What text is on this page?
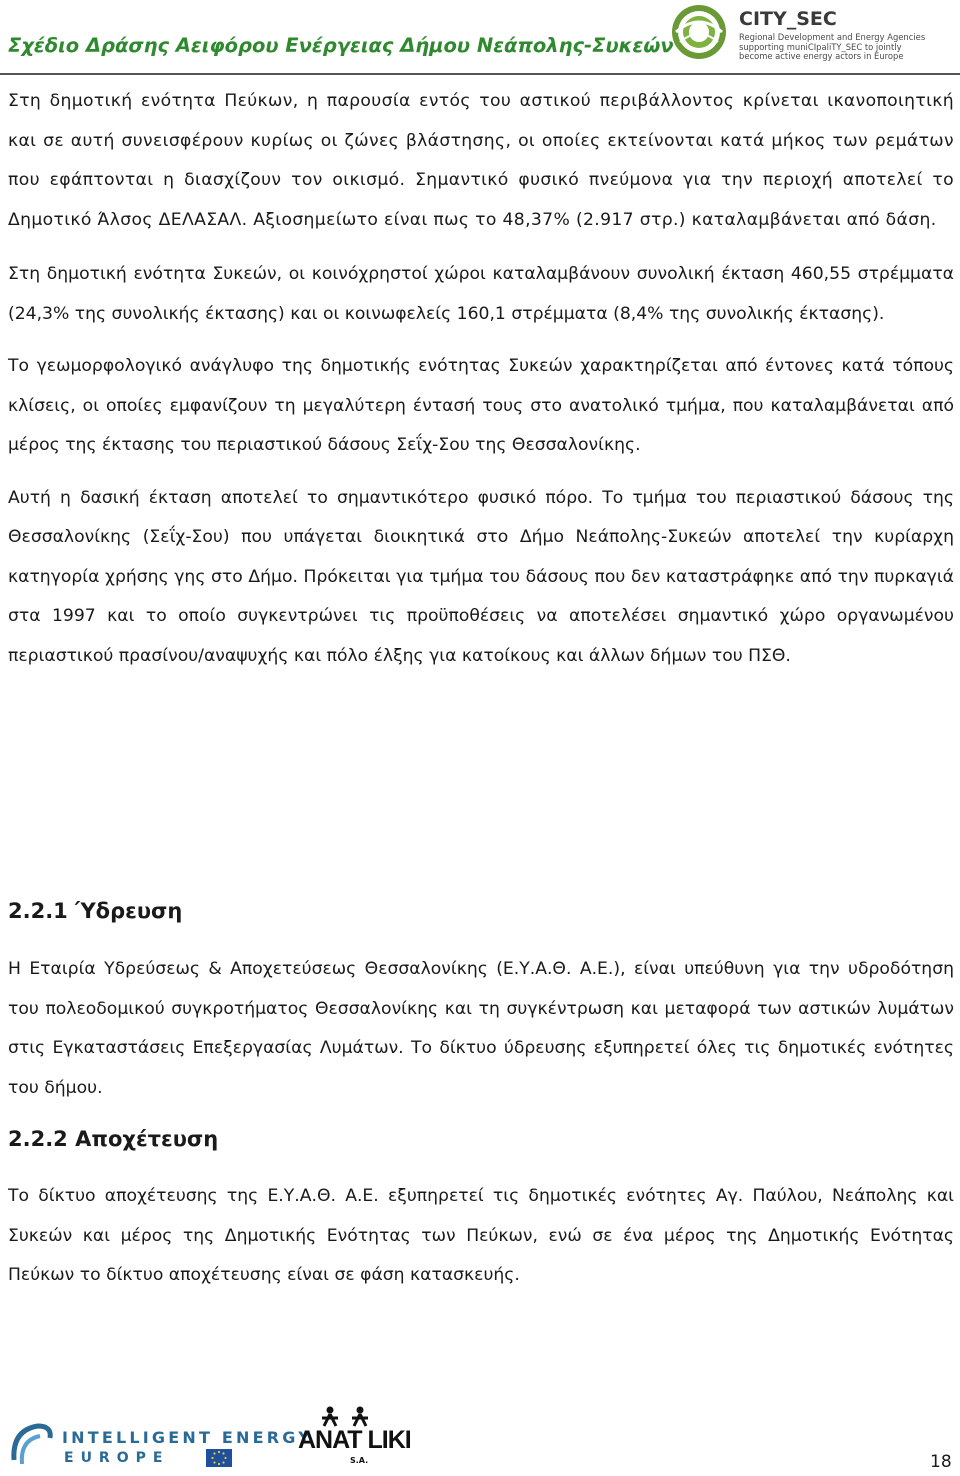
Σχέδιο Δράσης Αειφόρου Ενέργειας Δήμου Νεάπολης-Συκεών
CITY_SEC
Regional Development and Energy Agencies
supporting muniCIpaliTY_SEC to jointly
become active energy actors in Europe

Στη δημοτική ενότητα Πεύκων, η παρουσία εντός του αστικού περιβάλλοντος κρίνεται ικανοποιητική και σε αυτή συνεισφέρουν κυρίως οι ζώνες βλάστησης, οι οποίες εκτείνονται κατά μήκος των ρεμάτων που εφάπτονται η διασχίζουν τον οικισμό. Σημαντικό φυσικό πνεύμονα για την περιοχή αποτελεί το Δημοτικό Άλσος ΔΕΛΑΣΑΛ. Αξιοσημείωτο είναι πως το 48,37% (2.917 στρ.) καταλαμβάνεται από δάση.

Στη δημοτική ενότητα Συκεών, οι κοινόχρηστοί χώροι καταλαμβάνουν συνολική έκταση 460,55 στρέμματα (24,3% της συνολικής έκτασης) και οι κοινωφελείς 160,1 στρέμματα (8,4% της συνολικής έκτασης).

Το γεωμορφολογικό ανάγλυφο της δημοτικής ενότητας Συκεών χαρακτηρίζεται από έντονες κατά τόπους κλίσεις, οι οποίες εμφανίζουν τη μεγαλύτερη έντασή τους στο ανατολικό τμήμα, που καταλαμβάνεται από μέρος της έκτασης του περιαστικού δάσους Σεΐχ-Σου της Θεσσαλονίκης.

Αυτή η δασική έκταση αποτελεί το σημαντικότερο φυσικό πόρο. Το τμήμα του περιαστικού δάσους της Θεσσαλονίκης (Σεΐχ-Σου) που υπάγεται διοικητικά στο Δήμο Νεάπολης-Συκεών αποτελεί την κυρίαρχη κατηγορία χρήσης γης στο Δήμο. Πρόκειται για τμήμα του δάσους που δεν καταστράφηκε από την πυρκαγιά στα 1997 και το οποίο συγκεντρώνει τις προϋποθέσεις να αποτελέσει σημαντικό χώρο οργανωμένου περιαστικού πρασίνου/αναψυχής και πόλο έλξης για κατοίκους και άλλων δήμων του ΠΣΘ.

2.2.1 Ύδρευση

Η Εταιρία Υδρεύσεως & Αποχετεύσεως Θεσσαλονίκης (Ε.Υ.Α.Θ. Α.Ε.), είναι υπεύθυνη για την υδροδότηση του πολεοδομικού συγκροτήματος Θεσσαλονίκης και τη συγκέντρωση και μεταφορά των αστικών λυμάτων στις Εγκαταστάσεις Επεξεργασίας Λυμάτων. Το δίκτυο ύδρευσης εξυπηρετεί όλες τις δημοτικές ενότητες του δήμου.

2.2.2 Αποχέτευση

Το δίκτυο αποχέτευσης της Ε.Υ.Α.Θ. Α.Ε. εξυπηρετεί τις δημοτικές ενότητες Αγ. Παύλου, Νεάπολης και Συκεών και μέρος της Δημοτικής Ενότητας των Πεύκων, ενώ σε ένα μέρος της Δημοτικής Ενότητας Πεύκων το δίκτυο αποχέτευσης είναι σε φάση κατασκευής.

INTELLIGENT ENERGY
EUROPE
ANAT LIKI
S.A.	18
